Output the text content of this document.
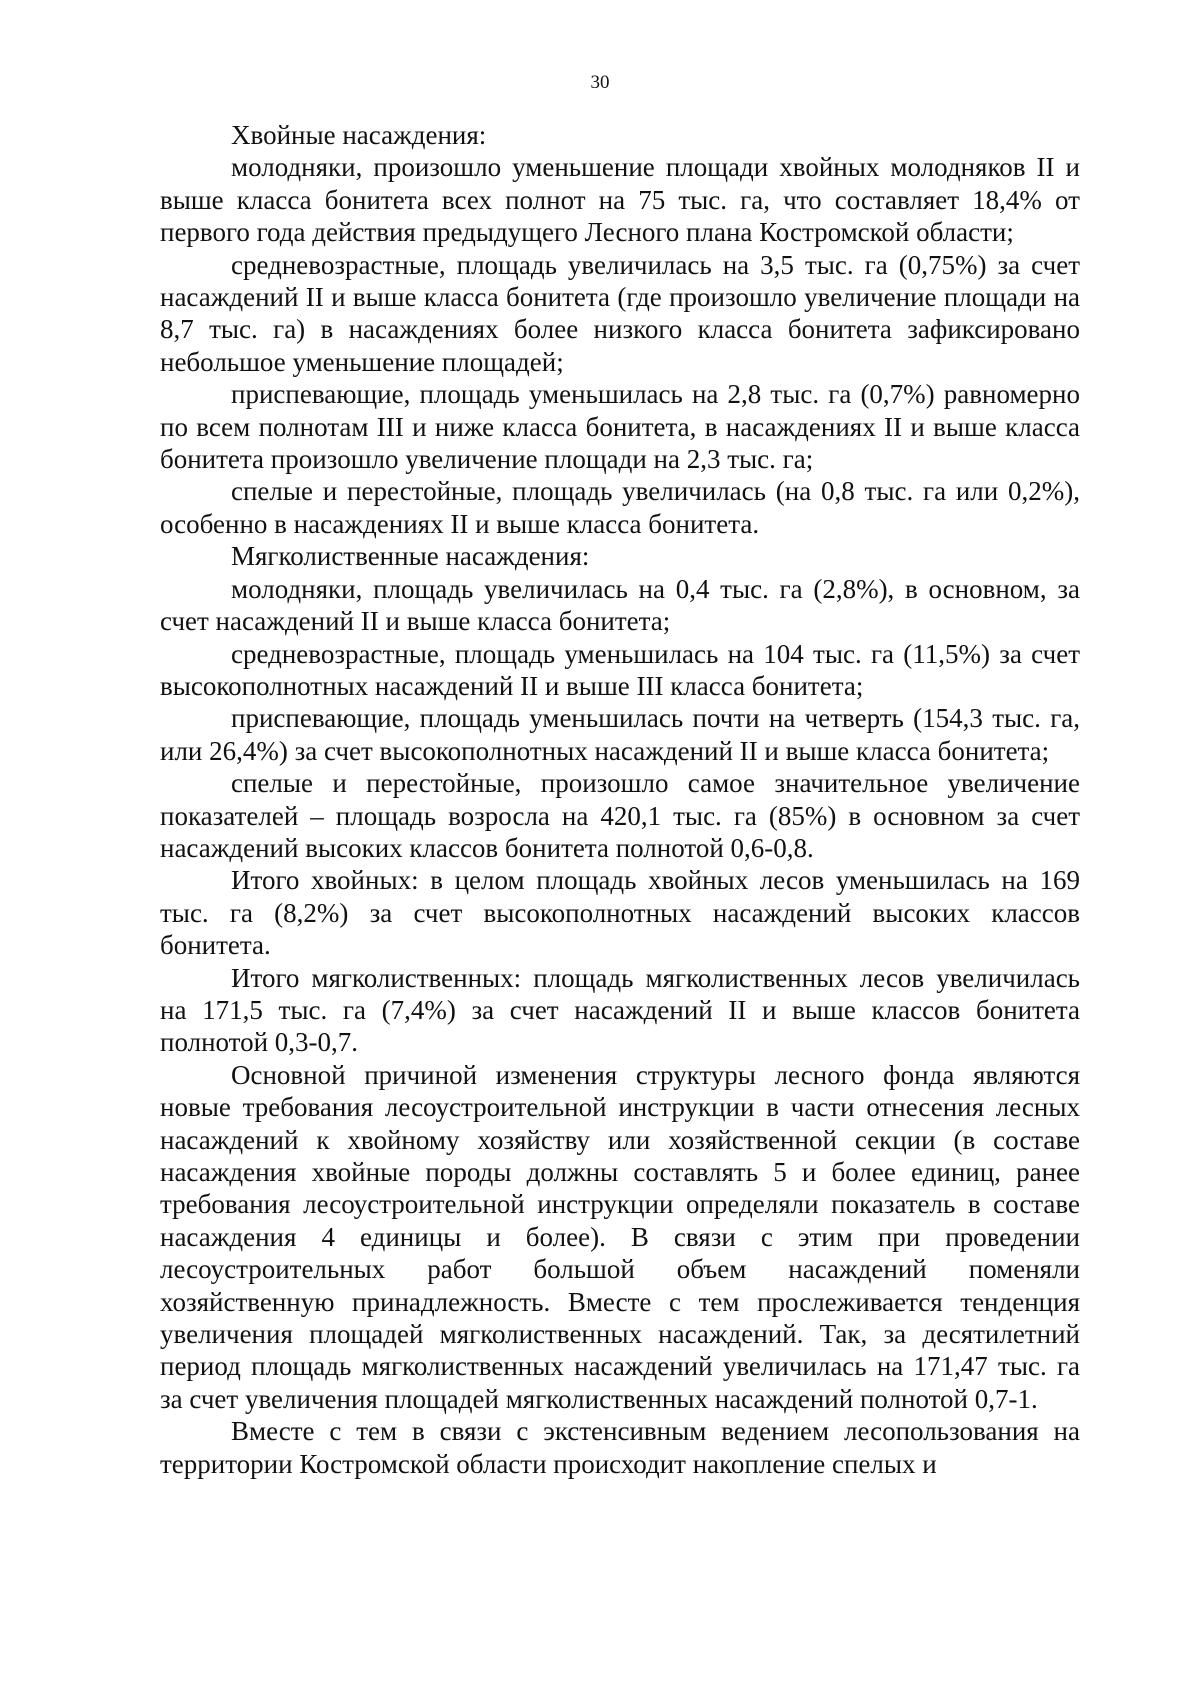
30

Хвойные насаждения:

молодняки, произошло уменьшение площади хвойных молодняков II и выше класса бонитета всех полнот на 75 тыс. га, что составляет 18,4% от первого года действия предыдущего Лесного плана Костромской области;

средневозрастные, площадь увеличилась на 3,5 тыс. га (0,75%) за счет насаждений II и выше класса бонитета (где произошло увеличение площади на 8,7 тыс. га) в насаждениях более низкого класса бонитета зафиксировано небольшое уменьшение площадей;

приспевающие, площадь уменьшилась на 2,8 тыс. га (0,7%) равномерно по всем полнотам III и ниже класса бонитета, в насаждениях II и выше класса бонитета произошло увеличение площади на 2,3 тыс. га;

спелые и перестойные, площадь увеличилась (на 0,8 тыс. га или 0,2%), особенно в насаждениях II и выше класса бонитета.

Мягколиственные насаждения:

молодняки, площадь увеличилась на 0,4 тыс. га (2,8%), в основном, за счет насаждений II и выше класса бонитета;

средневозрастные, площадь уменьшилась на 104 тыс. га (11,5%) за счет высокополнотных насаждений II и выше III класса бонитета;

приспевающие, площадь уменьшилась почти на четверть (154,3 тыс. га, или 26,4%) за счет высокополнотных насаждений II и выше класса бонитета;

спелые и перестойные, произошло самое значительное увеличение показателей – площадь возросла на 420,1 тыс. га (85%) в основном за счет насаждений высоких классов бонитета полнотой 0,6-0,8.

Итого хвойных: в целом площадь хвойных лесов уменьшилась на 169 тыс. га (8,2%) за счет высокополнотных насаждений высоких классов бонитета.

Итого мягколиственных: площадь мягколиственных лесов увеличилась на 171,5 тыс. га (7,4%) за счет насаждений II и выше классов бонитета полнотой 0,3-0,7.

Основной причиной изменения структуры лесного фонда являются новые требования лесоустроительной инструкции в части отнесения лесных насаждений к хвойному хозяйству или хозяйственной секции (в составе насаждения хвойные породы должны составлять 5 и более единиц, ранее требования лесоустроительной инструкции определяли показатель в составе насаждения 4 единицы и более). В связи с этим при проведении лесоустроительных работ большой объем насаждений поменяли хозяйственную принадлежность. Вместе с тем прослеживается тенденция увеличения площадей мягколиственных насаждений. Так, за десятилетний период площадь мягколиственных насаждений увеличилась на 171,47 тыс. га за счет увеличения площадей мягколиственных насаждений полнотой 0,7-1.

Вместе с тем в связи с экстенсивным ведением лесопользования на территории Костромской области происходит накопление спелых и
